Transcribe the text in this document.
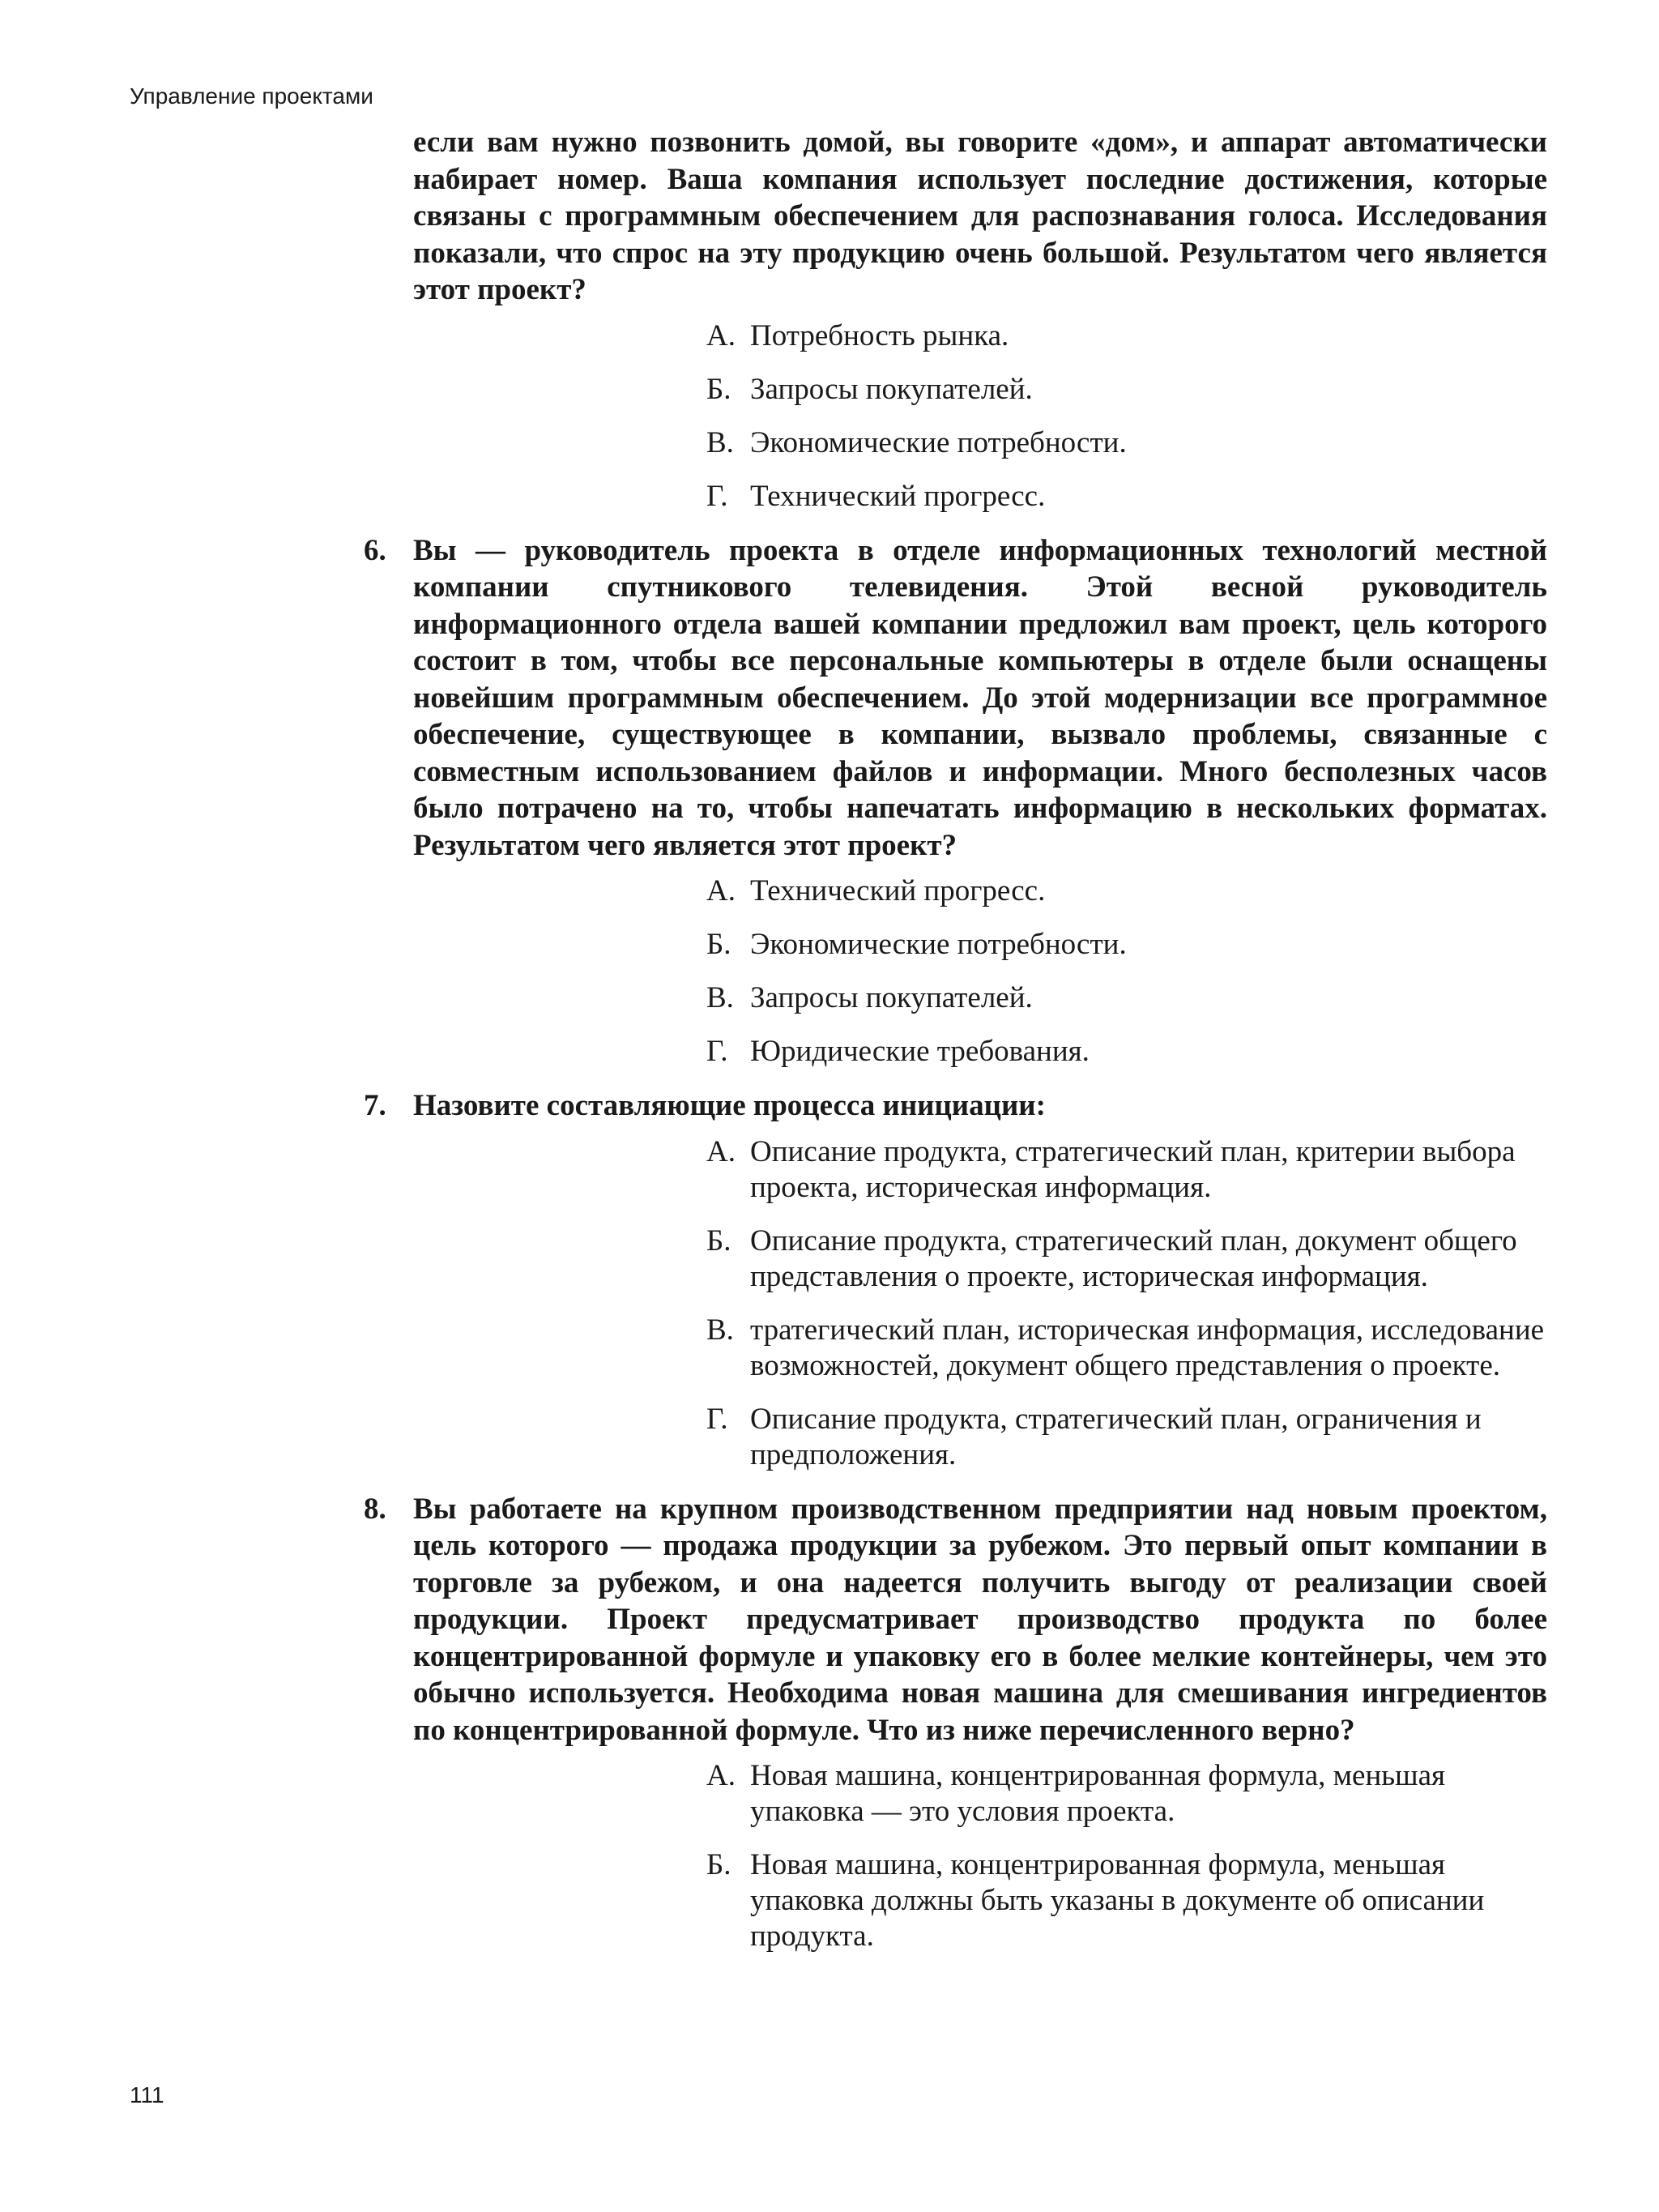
Управление проектами

если вам нужно позвонить домой, вы говорите «дом», и аппарат автоматически набирает номер. Ваша компания использует последние достижения, которые связаны с программным обеспечением для распознавания голоса. Исследования показали, что спрос на эту продукцию очень большой. Результатом чего является этот проект?

А. Потребность рынка.
Б. Запросы покупателей.
В. Экономические потребности.
Г. Технический прогресс.
6. Вы — руководитель проекта в отделе информационных технологий местной компании спутникового телевидения. Этой весной руководитель информационного отдела вашей компании предложил вам проект, цель которого состоит в том, чтобы все персональные компьютеры в отделе были оснащены новейшим программным обеспечением. До этой модернизации все программное обеспечение, существующее в компании, вызвало проблемы, связанные с совместным использованием файлов и информации. Много бесполезных часов было потрачено на то, чтобы напечатать информацию в нескольких форматах. Результатом чего является этот проект?

А. Технический прогресс.
Б. Экономические потребности.
В. Запросы покупателей.
Г. Юридические требования.
7. Назовите составляющие процесса инициации:

А. Описание продукта, стратегический план, критерии выбора проекта, историческая информация.
Б. Описание продукта, стратегический план, документ общего представления о проекте, историческая информация.
В. тратегический план, историческая информация, исследование возможностей, документ общего представления о проекте.
Г. Описание продукта, стратегический план, ограничения и предположения.
8. Вы работаете на крупном производственном предприятии над новым проектом, цель которого — продажа продукции за рубежом. Это первый опыт компании в торговле за рубежом, и она надеется получить выгоду от реализации своей продукции. Проект предусматривает производство продукта по более концентрированной формуле и упаковку его в более мелкие контейнеры, чем это обычно используется. Необходима новая машина для смешивания ингредиентов по концентрированной формуле. Что из ниже перечисленного верно?

А. Новая машина, концентрированная формула, меньшая упаковка — это условия проекта.
Б. Новая машина, концентрированная формула, меньшая упаковка должны быть указаны в документе об описании продукта.
111
